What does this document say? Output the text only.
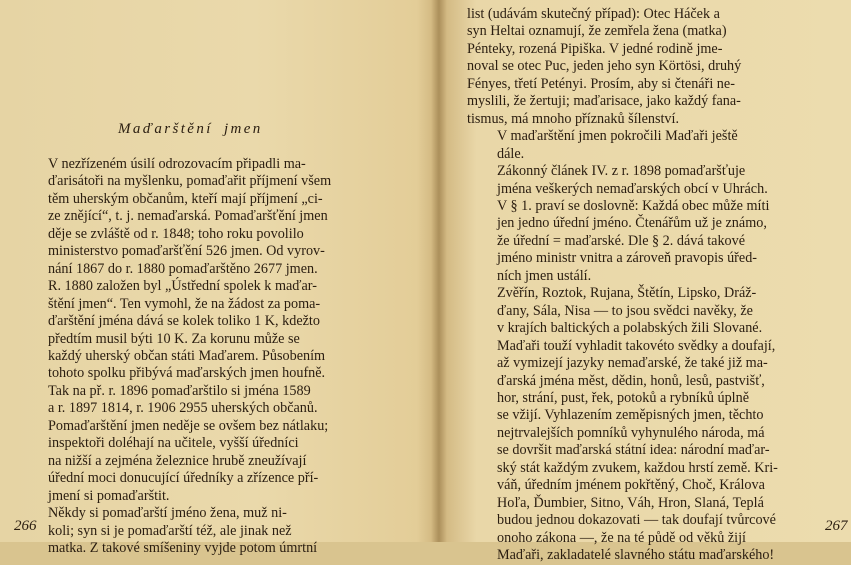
Maďarštění jmen

V nezřízeném úsilí odrozovacím připadli ma-
ďarisátoři na myšlenku, pomaďařit příjmení všem
těm uherským občanům, kteří mají příjmení „ci-
ze znějící“, t. j. nemaďarská. Pomaďaršťění jmen
děje se zvláště od r. 1848; toho roku povolilo
ministerstvo pomaďaršťění 526 jmen. Od vyrov-
nání 1867 do r. 1880 pomaďarštěno 2677 jmen.
R. 1880 založen byl „Ústřední spolek k maďar-
štění jmen“. Ten vymohl, že na žádost za poma-
ďarštění jména dává se kolek toliko 1 K, kdežto
předtím musil býti 10 K. Za korunu může se
každý uherský občan státi Maďarem. Působením
tohoto spolku přibývá maďarských jmen houfně.
Tak na př. r. 1896 pomaďarštilo si jména 1589
a r. 1897 1814, r. 1906 2955 uherských občanů.
Pomaďarštění jmen neděje se ovšem bez nátlaku;
inspektoři doléhají na učitele, vyšší úředníci
na nižší a zejména železnice hrubě zneužívají
úřední moci donucující úředníky a zřízence pří-
jmení si pomaďarštit.

Někdy si pomaďarští jméno žena, muž ni-
koli; syn si je pomaďarští též, ale jinak než
matka. Z takové smíšeniny vyjde potom úmrtní

266

list (udávám skutečný případ): Otec Háček a
syn Heltai oznamují, že zemřela žena (matka)
Pénteky, rozená Pipiška. V jedné rodině jme-
noval se otec Puc, jeden jeho syn Körtösi, druhý
Fényes, třetí Petényi. Prosím, aby si čtenáři ne-
myslili, že žertuji; maďarisace, jako každý fana-
tismus, má mnoho příznaků šílenství.

V maďarštění jmen pokročili Maďaři ještě
dále.

Zákonný článek IV. z r. 1898 pomaďaršťuje
jména veškerých nemaďarských obcí v Uhrách.
V § 1. praví se doslovně: Každá obec může míti
jen jedno úřední jméno. Čtenářům už je známo,
že úřední = maďarské. Dle § 2. dává takové
jméno ministr vnitra a zároveň pravopis úřed-
ních jmen ustálí.

Zvěřín, Roztok, Rujana, Štětín, Lipsko, Dráž-
ďany, Sála, Nisa — to jsou svědci navěky, že
v krajích baltických a polabských žili Slované.
Maďaři touží vyhladit takovéto svědky a doufají,
až vymizejí jazyky nemaďarské, že také již ma-
ďarská jména měst, dědin, honů, lesů, pastvišť,
hor, strání, pust, řek, potoků a rybníků úplně
se vžijí. Vyhlazením zeměpisných jmen, těchto
nejtrvalejších pomníků vyhynulého národa, má
se dovršit maďarská státní idea: národní maďar-
ský stát každým zvukem, každou hrstí země. Kri-
váň, úředním jménem pokřtěný, Choč, Králova
Hoľa, Ďumbier, Sitno, Váh, Hron, Slaná, Teplá
budou jednou dokazovati — tak doufají tvůrcové
onoho zákona —, že na té půdě od věků žijí
Maďaři, zakladatelé slavného státu maďarského!

267
